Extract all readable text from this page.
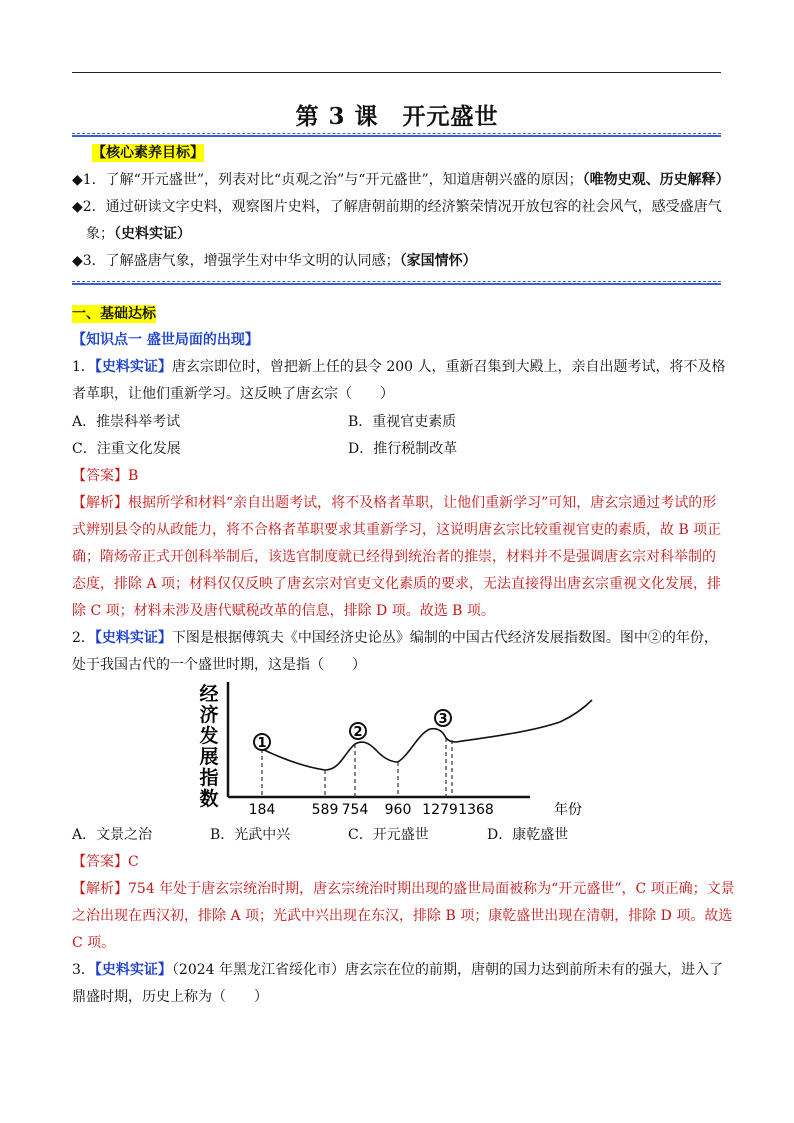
第 3 课　开元盛世
【核心素养目标】
◆1．了解“开元盛世”，列表对比“贞观之治”与“开元盛世”，知道唐朝兴盛的原因；（唯物史观、历史解释）
◆2．通过研读文字史料，观察图片史料，了解唐朝前期的经济繁荣情况开放包容的社会风气，感受盛唐气
象；（史料实证）
◆3．了解盛唐气象，增强学生对中华文明的认同感；（家国情怀）
一、基础达标
【知识点一 盛世局面的出现】
1．【史料实证】唐玄宗即位时，曾把新上任的县令 200 人，重新召集到大殿上，亲自出题考试，将不及格
者革职，让他们重新学习。这反映了唐玄宗（　　）
A．推崇科举考试	B．重视官吏素质
C．注重文化发展	D．推行税制改革
【答案】B
【解析】根据所学和材料“亲自出题考试，将不及格者革职，让他们重新学习”可知，唐玄宗通过考试的形
式辨别县令的从政能力，将不合格者革职要求其重新学习，这说明唐玄宗比较重视官吏的素质，故 B 项正
确；隋炀帝正式开创科举制后，该选官制度就已经得到统治者的推崇，材料并不是强调唐玄宗对科举制的
态度，排除 A 项；材料仅仅反映了唐玄宗对官吏文化素质的要求，无法直接得出唐玄宗重视文化发展，排
除 C 项；材料未涉及唐代赋税改革的信息，排除 D 项。故选 B 项。
2．【史料实证】下图是根据傅筑夫《中国经济史论丛》编制的中国古代经济发展指数图。图中②的年份，
处于我国古代的一个盛世时期，这是指（　　）
经济发展指数
1
2
3
184	589 754 960 1279 1368	年份
A．文景之治	B．光武中兴	C．开元盛世	D．康乾盛世
【答案】C
【解析】754 年处于唐玄宗统治时期，唐玄宗统治时期出现的盛世局面被称为“开元盛世”，C 项正确；文景
之治出现在西汉初，排除 A 项；光武中兴出现在东汉，排除 B 项；康乾盛世出现在清朝，排除 D 项。故选
C 项。
3．【史料实证】（2024 年黑龙江省绥化市）唐玄宗在位的前期，唐朝的国力达到前所未有的强大，进入了
鼎盛时期，历史上称为（　　）
